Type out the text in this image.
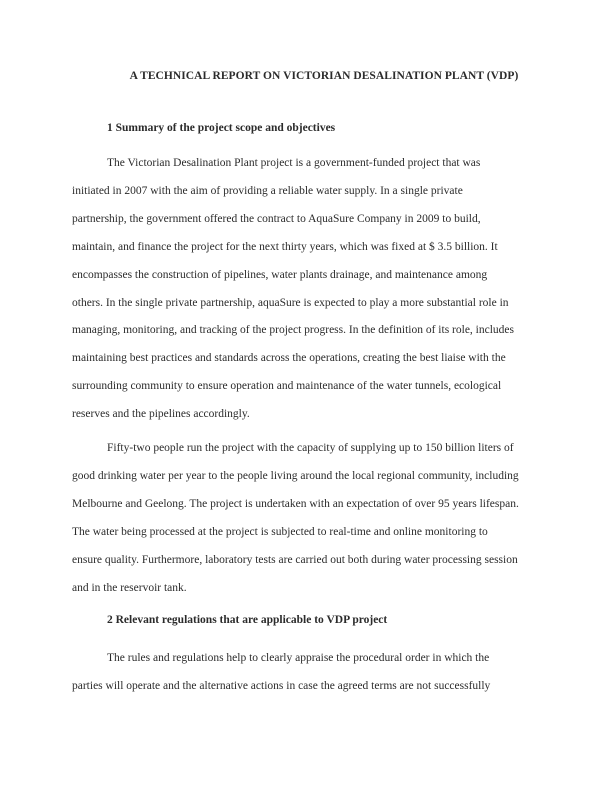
A TECHNICAL REPORT ON VICTORIAN DESALINATION PLANT (VDP)
1 Summary of the project scope and objectives

The Victorian Desalination Plant project is a government-funded project that was
initiated in 2007 with the aim of providing a reliable water supply. In a single private
partnership, the government offered the contract to AquaSure Company in 2009 to build,
maintain, and finance the project for the next thirty years, which was fixed at $ 3.5 billion. It
encompasses the construction of pipelines, water plants drainage, and maintenance among
others. In the single private partnership, aquaSure is expected to play a more substantial role in
managing, monitoring, and tracking of the project progress. In the definition of its role, includes
maintaining best practices and standards across the operations, creating the best liaise with the
surrounding community to ensure operation and maintenance of the water tunnels, ecological
reserves and the pipelines accordingly.

Fifty-two people run the project with the capacity of supplying up to 150 billion liters of
good drinking water per year to the people living around the local regional community, including
Melbourne and Geelong. The project is undertaken with an expectation of over 95 years lifespan.
The water being processed at the project is subjected to real-time and online monitoring to
ensure quality. Furthermore, laboratory tests are carried out both during water processing session
and in the reservoir tank.

2 Relevant regulations that are applicable to VDP project

The rules and regulations help to clearly appraise the procedural order in which the
parties will operate and the alternative actions in case the agreed terms are not successfully
